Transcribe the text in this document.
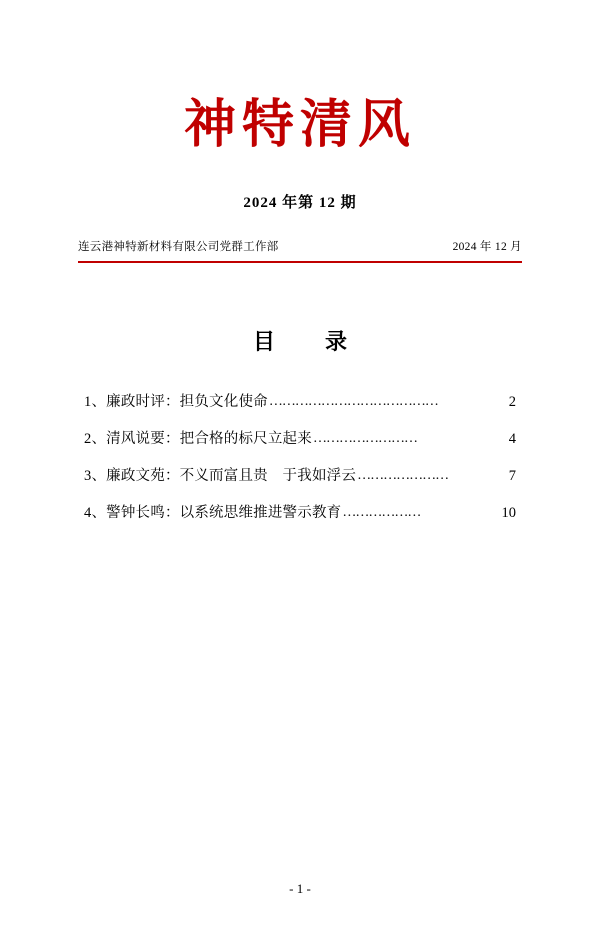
神特清风
2024 年第 12 期
连云港神特新材料有限公司党群工作部	2024 年 12 月
目　录
1、廉政时评：担负文化使命 …………………………………	2
2、清风说要：把合格的标尺立起来 ……………………	4
3、廉政文苑：不义而富且贵　于我如浮云 …………………	7
4、警钟长鸣：以系统思维推进警示教育 ………………	10
- 1 -
